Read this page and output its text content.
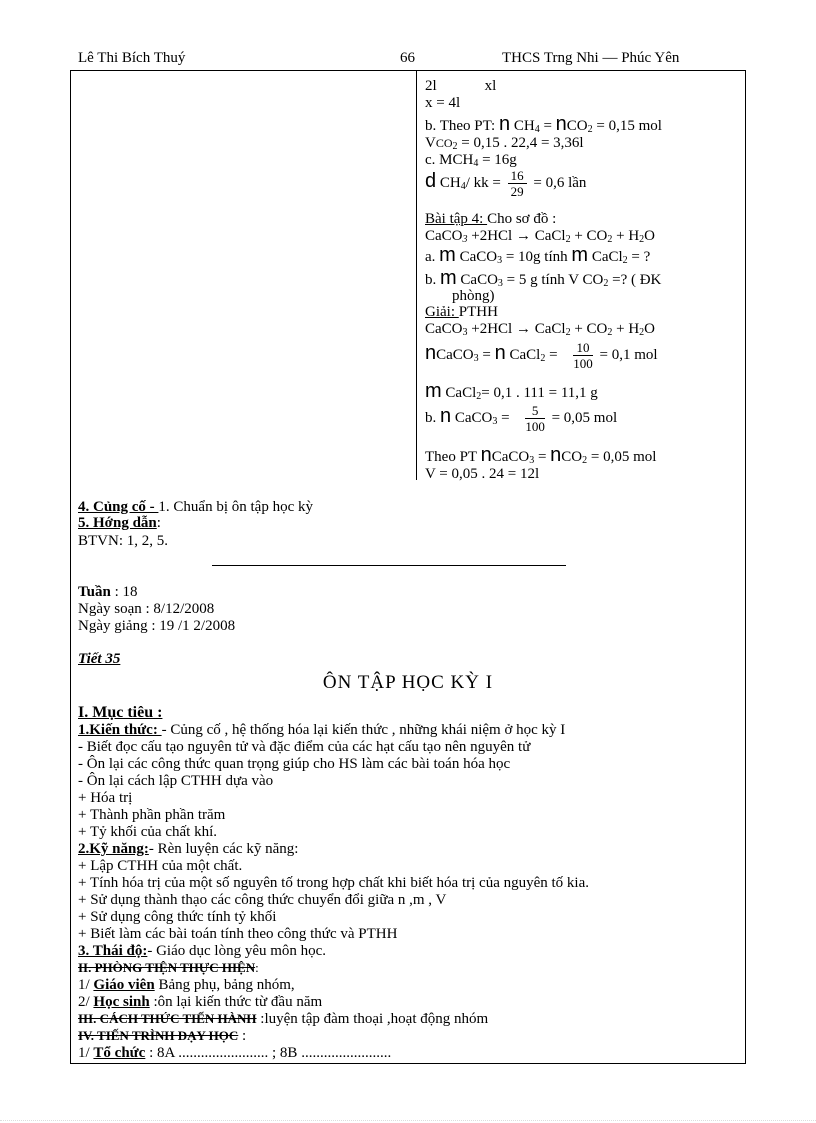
Lê Thi Bích Thuý	66	THCS Trng Nhi — Phúc Yên
2l	xl
x = 4l
b. Theo PT: n $CH_4 = nCO_2 = 0,15$ mol
$VCO_2 = 0,15$ . 22,4 = 3,36l
c. $MCH_4 = 16g$
d $CH_4/$ kk = $\frac{16}{29} = 0,6$ lần
Bài tập 4: Cho sơ đồ :
CaCO$_3$ +2HCl → CaCl$_2$ + $CO_2 + H_2O$
a. m CaCO$_3$ = 10g tính m CaCl$_2$ = ?
b. m CaCO$_3$ = 5 g tính V $CO_2$ =? ( ĐK
phòng)
Giải: PTHH
CaCO$_3$ +2HCl → CaCl$_2$ + $CO_2 + H_2O$
nCaCO$_3$ = n CaCl$_2$ = $\frac{10}{100} = 0,1$ mol
m CaCl$_2$= 0,1 . 111 = 11,1 g
b. n CaCO$_3$ = $\frac{5}{100} = 0,05$ mol
Theo PT nCaCO$_3$ = nCO$_2$ = 0,05 mol
V = 0,05 . 24 = 12l
4. Củng cố - 1. Chuẩn bị ôn tập học kỳ
5. Hớng dẫn:
BTVN: 1, 2, 5.
Tuần : 18
Ngày soạn : 8/12/2008
Ngày giảng : 19 /1 2/2008
Tiết 35
ÔN TẬP HỌC KỲ I
I. Mục tiêu :
1.Kiến thức: - Củng cố , hệ thống hóa lại kiến thức , những khái niệm ở học kỳ I
- Biết đọc cấu tạo nguyên tử và đặc điểm của các hạt cấu tạo nên nguyên tử
- Ôn lại các công thức quan trọng giúp cho HS làm các bài toán hóa học
- Ôn lại cách lập CTHH dựa vào
+ Hóa trị
+ Thành phần phần trăm
+ Tỷ khối của chất khí.
2.Kỹ năng:- Rèn luyện các kỹ năng:
+ Lập CTHH của một chất.
+ Tính hóa trị của một số nguyên tố trong hợp chất khi biết hóa trị của nguyên tố kia.
+ Sử dụng thành thạo các công thức chuyển đổi giữa n ,m , V
+ Sử dụng công thức tính tỷ khối
+ Biết làm các bài toán tính theo công thức và PTHH
3. Thái độ:- Giáo dục lòng yêu môn học.
II. PHÒNG TIỆN THỰC HIỆN:
1/ Giáo viên Bảng phụ, bảng nhóm,
2/ Học sinh :ôn lại kiến thức từ đầu năm
III. CÁCH THỨC TIẾN HÀNH :luyện tập đàm thoại ,hoạt động nhóm
IV. TIẾN TRÌNH DẠY HỌC :
1/ Tổ chức : 8A ........................ ; 8B ........................
